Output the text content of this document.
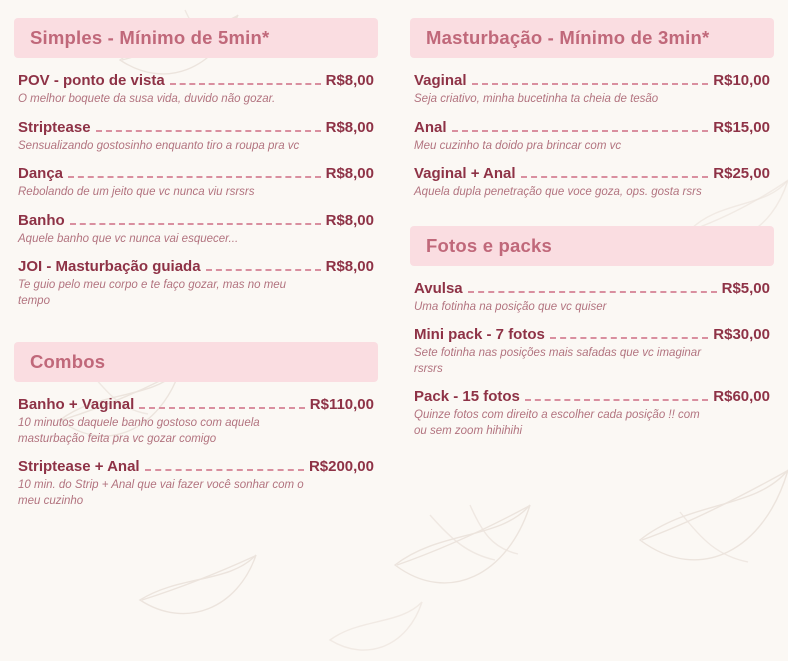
Simples - Mínimo de 5min*
POV - ponto de vista	R$8,00
O melhor boquete da susa vida, duvido não gozar.
Striptease	R$8,00
Sensualizando gostosinho enquanto tiro a roupa pra vc
Dança	R$8,00
Rebolando de um jeito que vc nunca viu rsrsrs
Banho	R$8,00
Aquele banho que vc nunca vai esquecer...
JOI - Masturbação guiada	R$8,00
Te guio pelo meu corpo e te faço gozar, mas no meu tempo
Combos
Banho + Vaginal	R$110,00
10 minutos daquele banho gostoso com aquela masturbação feita pra vc gozar comigo
Striptease + Anal	R$200,00
10 min. do Strip + Anal que vai fazer você sonhar com o meu cuzinho
Masturbação - Mínimo de 3min*
Vaginal	R$10,00
Seja criativo, minha bucetinha ta cheia de tesão
Anal	R$15,00
Meu cuzinho ta doido pra brincar com vc
Vaginal + Anal	R$25,00
Aquela dupla penetração que voce goza, ops. gosta rsrs
Fotos e packs
Avulsa	R$5,00
Uma fotinha na posição que vc quiser
Mini pack - 7 fotos	R$30,00
Sete fotinha nas posições mais safadas que vc imaginar rsrsrs
Pack - 15 fotos	R$60,00
Quinze fotos com direito a escolher cada posição !! com ou sem zoom hihihihi
